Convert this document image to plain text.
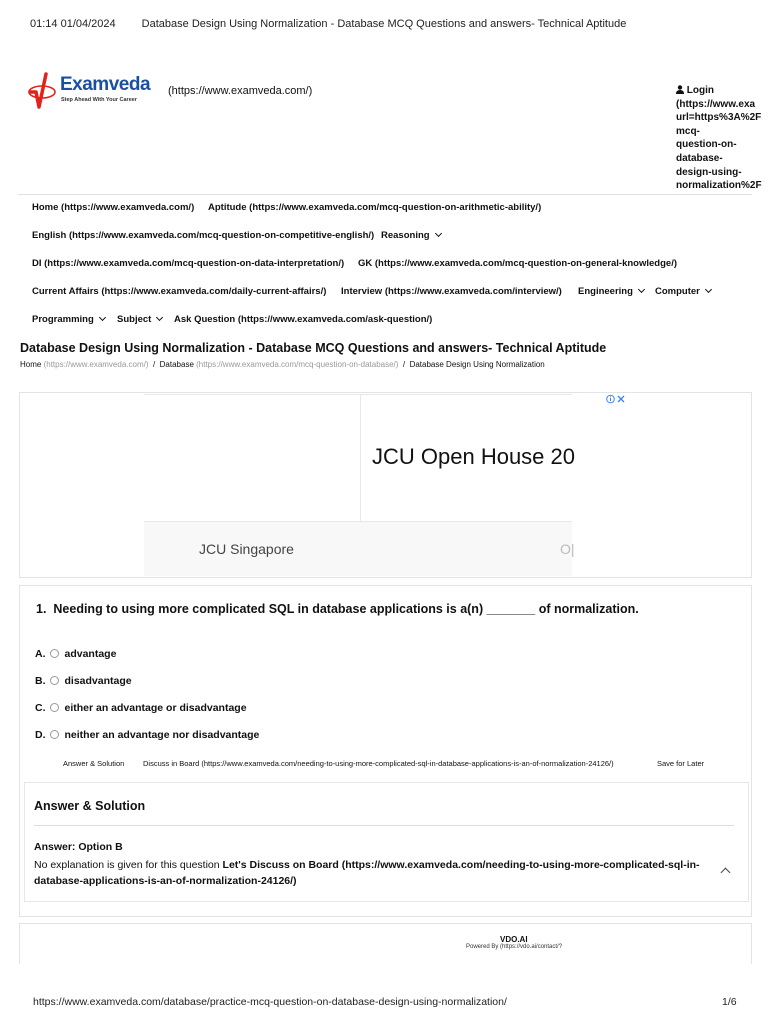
01:14 01/04/2024	Database Design Using Normalization - Database MCQ Questions and answers- Technical Aptitude
Examveda
Step Ahead With Your Career
(https://www.examveda.com/)	Login
(https://www.exa
url=https%3A%2F
mcq-
question-on-
database-
design-using-
normalization%2F
Home (https://www.examveda.com/) Aptitude (https://www.examveda.com/mcq-question-on-arithmetic-ability/)
English (https://www.examveda.com/mcq-question-on-competitive-english/) Reasoning
DI (https://www.examveda.com/mcq-question-on-data-interpretation/) GK (https://www.examveda.com/mcq-question-on-general-knowledge/)
Current Affairs (https://www.examveda.com/daily-current-affairs/) Interview (https://www.examveda.com/interview/) Engineering	Computer
Programming	Subject	Ask Question (https://www.examveda.com/ask-question/)
Database Design Using Normalization - Database MCQ Questions and answers- Technical Aptitude
Home (https://www.examveda.com/) / Database (https://www.examveda.com/mcq-question-on-database/) / Database Design Using Normalization
JCU Open House 20
JCU Singapore	O|
1. Needing to using more complicated SQL in database applications is a(n) _______ of normalization.
A. advantage
B. disadvantage
C. either an advantage or disadvantage
D. neither an advantage nor disadvantage
Answer & Solution Discuss in Board (https://www.examveda.com/needing-to-using-more-complicated-sql-in-database-applications-is-an-of-normalization-24126/)	Save for Later
Answer & Solution
Answer: Option B
No explanation is given for this question Let's Discuss on Board (https://www.examveda.com/needing-to-using-more-complicated-sql-in-database-applications-is-an-of-normalization-24126/)
VDO.AI
Powered By (https://vdo.ai/contact/?
https://www.examveda.com/database/practice-mcq-question-on-database-design-using-normalization/	1/6
